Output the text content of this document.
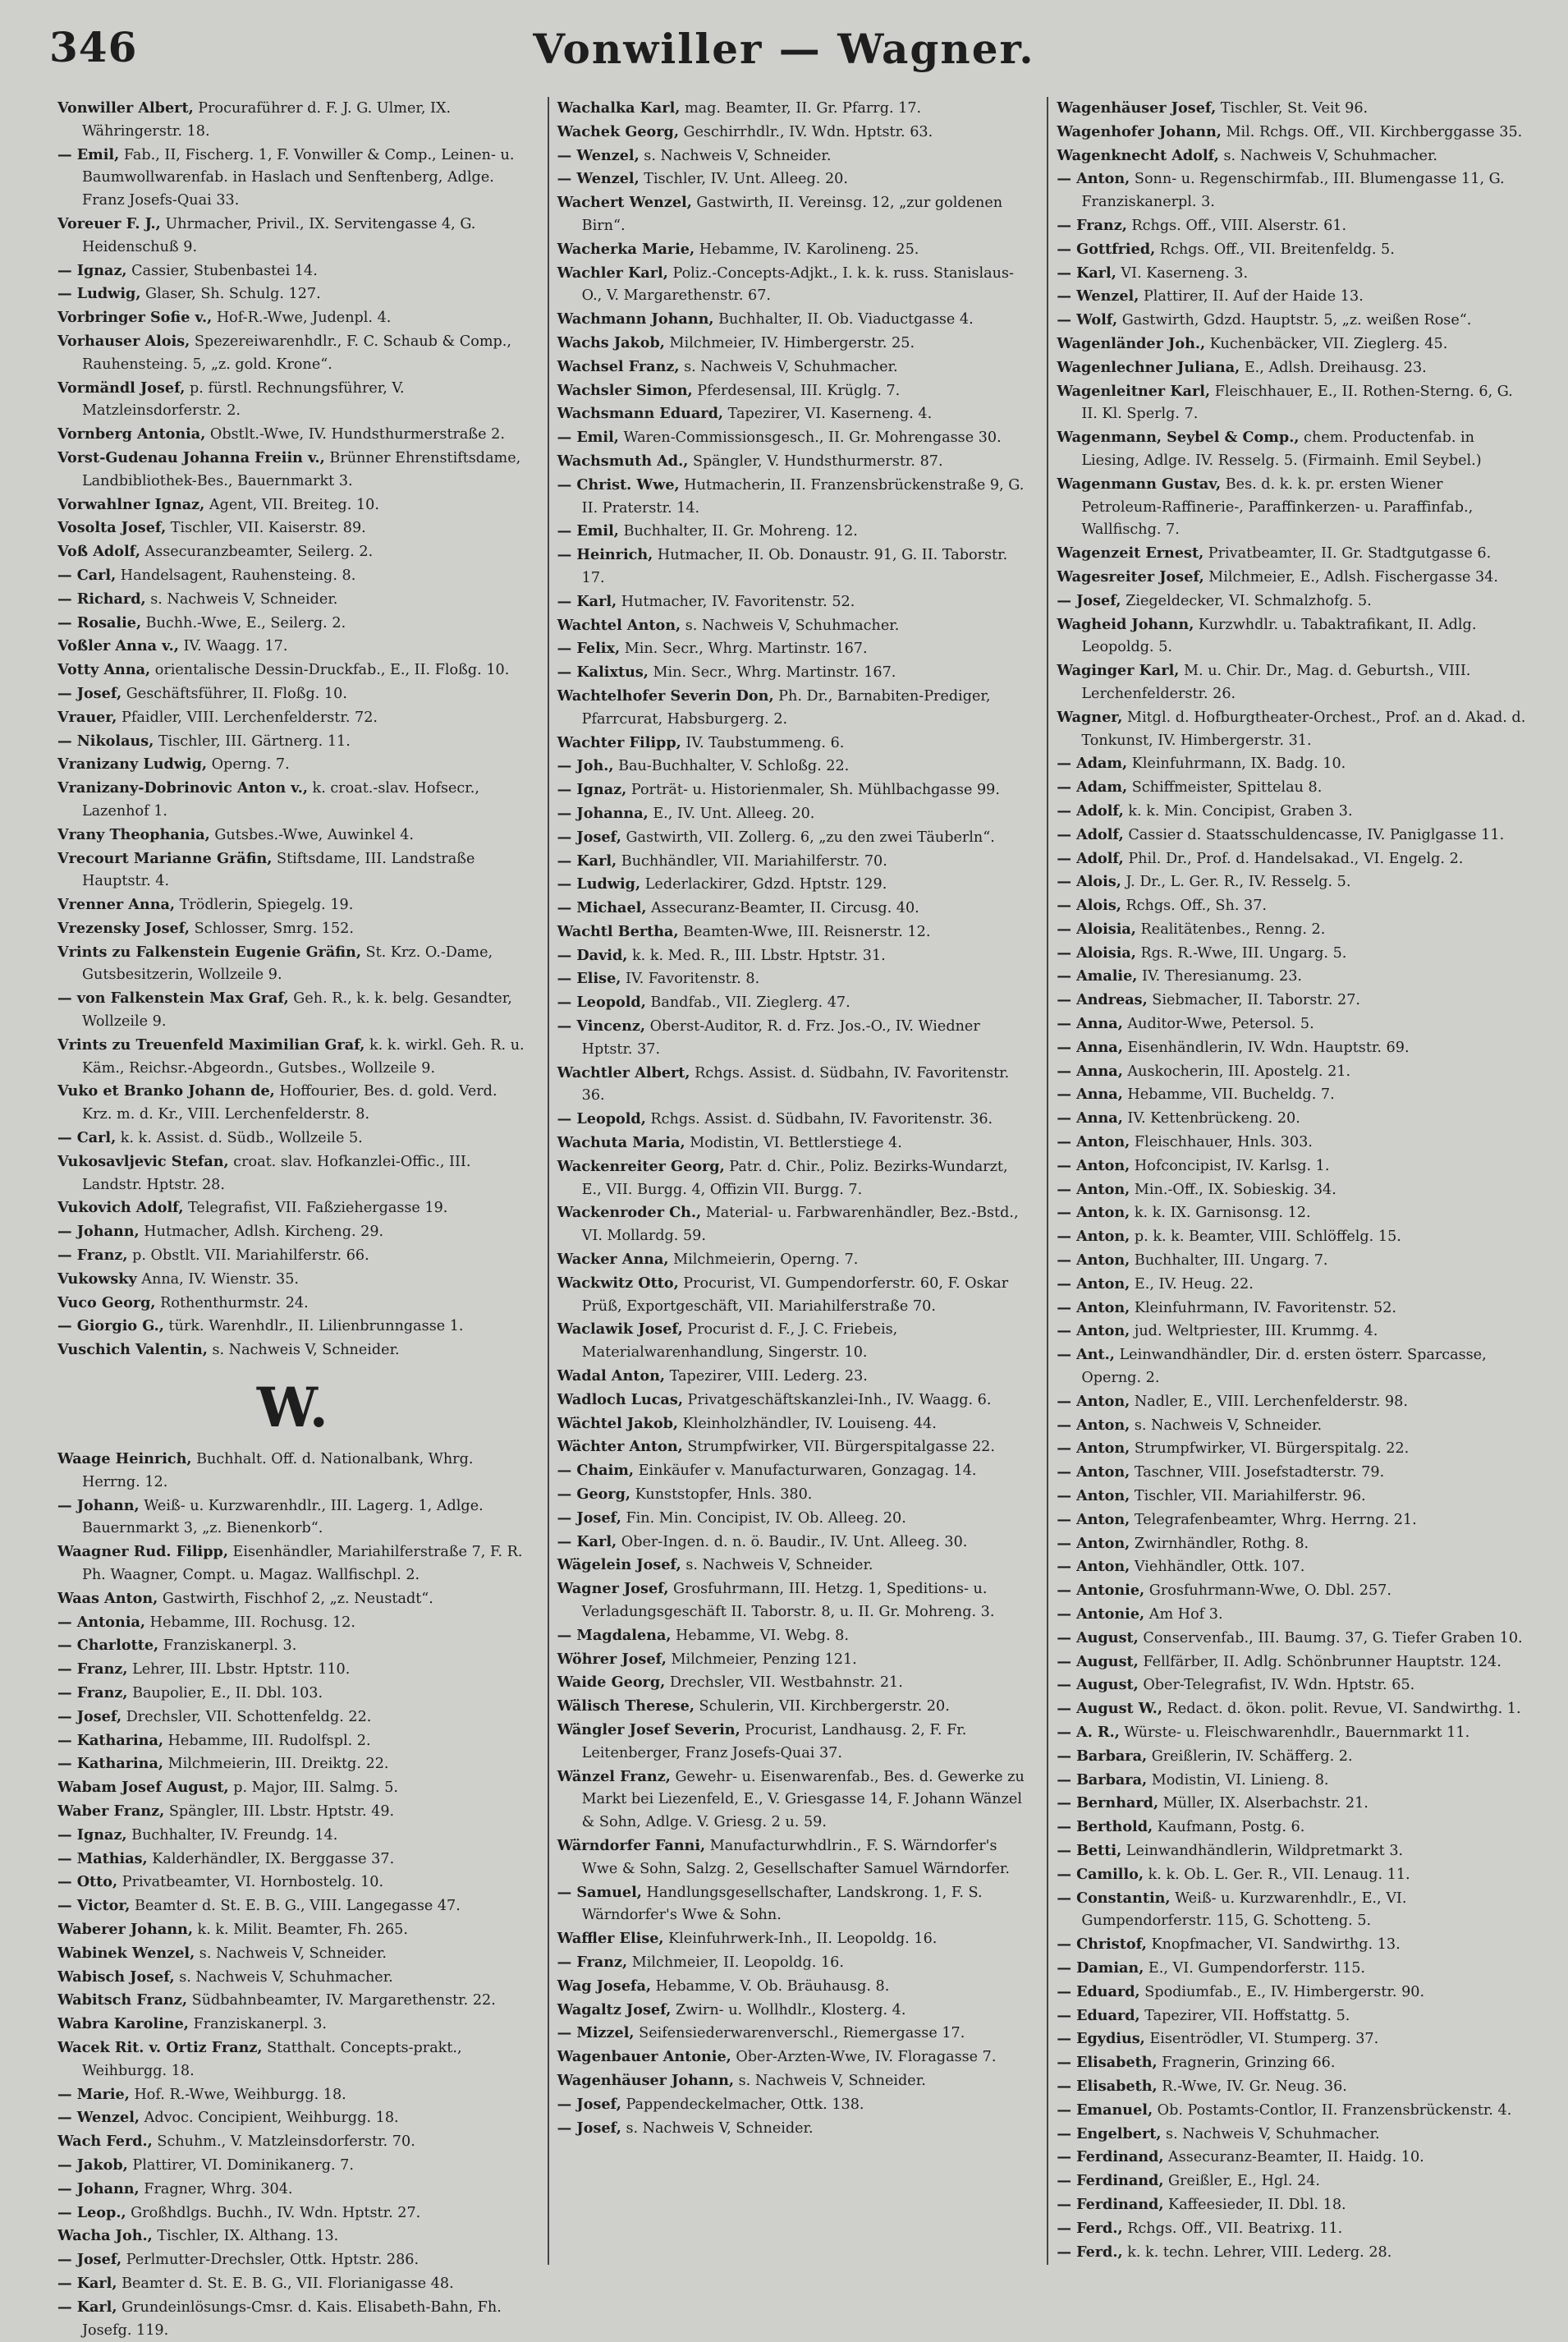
346	Vonwiller — Wagner.

Vonwiller Albert, Procuraführer d. F. J. G. Ulmer, IX. Währingerstr. 18.

— Emil, Fab., II, Fischerg. 1, F. Vonwiller & Comp., Leinen- u. Baumwollwarenfab. in Haslach und Senftenberg, Adlge. Franz Josefs-Quai 33.

Voreuer F. J., Uhrmacher, Privil., IX. Servitengasse 4, G. Heidenschuß 9.

— Ignaz, Cassier, Stubenbastei 14.

— Ludwig, Glaser, Sh. Schulg. 127.

Vorbringer Sofie v., Hof-R.-Wwe, Judenpl. 4.

Vorhauser Alois, Spezereiwarenhdlr., F. C. Schaub & Comp., Rauhensteing. 5, „z. gold. Krone“.

Vormändl Josef, p. fürstl. Rechnungsführer, V. Matzleinsdorferstr. 2.

Vornberg Antonia, Obstlt.-Wwe, IV. Hundsthurmerstraße 2.

Vorst-Gudenau Johanna Freiin v., Brünner Ehrenstiftsdame, Landbibliothek-Bes., Bauernmarkt 3.

Vorwahlner Ignaz, Agent, VII. Breiteg. 10.

Vosolta Josef, Tischler, VII. Kaiserstr. 89.

Voß Adolf, Assecuranzbeamter, Seilerg. 2.

— Carl, Handelsagent, Rauhensteing. 8.

— Richard, s. Nachweis V, Schneider.

— Rosalie, Buchh.-Wwe, E., Seilerg. 2.

Voßler Anna v., IV. Waagg. 17.

Votty Anna, orientalische Dessin-Druckfab., E., II. Floßg. 10.

— Josef, Geschäftsführer, II. Floßg. 10.

Vrauer, Pfaidler, VIII. Lerchenfelderstr. 72.

— Nikolaus, Tischler, III. Gärtnerg. 11.

Vranizany Ludwig, Operng. 7.

Vranizany-Dobrinovic Anton v., k. croat.-slav. Hofsecr., Lazenhof 1.

Vrany Theophania, Gutsbes.-Wwe, Auwinkel 4.

Vrecourt Marianne Gräfin, Stiftsdame, III. Landstraße Hauptstr. 4.

Vrenner Anna, Trödlerin, Spiegelg. 19.

Vrezensky Josef, Schlosser, Smrg. 152.

Vrints zu Falkenstein Eugenie Gräfin, St. Krz. O.-Dame, Gutsbesitzerin, Wollzeile 9.

— von Falkenstein Max Graf, Geh. R., k. k. belg. Gesandter, Wollzeile 9.

Vrints zu Treuenfeld Maximilian Graf, k. k. wirkl. Geh. R. u. Käm., Reichsr.-Abgeordn., Gutsbes., Wollzeile 9.

Vuko et Branko Johann de, Hoffourier, Bes. d. gold. Verd. Krz. m. d. Kr., VIII. Lerchenfelderstr. 8.

— Carl, k. k. Assist. d. Südb., Wollzeile 5.

Vukosavljevic Stefan, croat. slav. Hofkanzlei-Offic., III. Landstr. Hptstr. 28.

Vukovich Adolf, Telegrafist, VII. Faßziehergasse 19.

— Johann, Hutmacher, Adlsh. Kircheng. 29.

— Franz, p. Obstlt. VII. Mariahilferstr. 66.

Vukowsky Anna, IV. Wienstr. 35.

Vuco Georg, Rothenthurmstr. 24.

— Giorgio G., türk. Warenhdlr., II. Lilienbrunngasse 1.

Vuschich Valentin, s. Nachweis V, Schneider.

W.

Waage Heinrich, Buchhalt. Off. d. Nationalbank, Whrg. Herrng. 12.

— Johann, Weiß- u. Kurzwarenhdlr., III. Lagerg. 1, Adlge. Bauernmarkt 3, „z. Bienenkorb“.

Waagner Rud. Filipp, Eisenhändler, Mariahilferstraße 7, F. R. Ph. Waagner, Compt. u. Magaz. Wallfischpl. 2.

Waas Anton, Gastwirth, Fischhof 2, „z. Neustadt“.

— Antonia, Hebamme, III. Rochusg. 12.

— Charlotte, Franziskanerpl. 3.

— Franz, Lehrer, III. Lbstr. Hptstr. 110.

— Franz, Baupolier, E., II. Dbl. 103.

— Josef, Drechsler, VII. Schottenfeldg. 22.

— Katharina, Hebamme, III. Rudolfspl. 2.

— Katharina, Milchmeierin, III. Dreiktg. 22.

Wabam Josef August, p. Major, III. Salmg. 5.

Waber Franz, Spängler, III. Lbstr. Hptstr. 49.

— Ignaz, Buchhalter, IV. Freundg. 14.

— Mathias, Kalderhändler, IX. Berggasse 37.

— Otto, Privatbeamter, VI. Hornbostelg. 10.

— Victor, Beamter d. St. E. B. G., VIII. Langegasse 47.

Waberer Johann, k. k. Milit. Beamter, Fh. 265.

Wabinek Wenzel, s. Nachweis V, Schneider.

Wabisch Josef, s. Nachweis V, Schuhmacher.

Wabitsch Franz, Südbahnbeamter, IV. Margarethenstr. 22.

Wabra Karoline, Franziskanerpl. 3.

Wacek Rit. v. Ortiz Franz, Statthalt. Concepts-prakt., Weihburgg. 18.

— Marie, Hof. R.-Wwe, Weihburgg. 18.

— Wenzel, Advoc. Concipient, Weihburgg. 18.

Wach Ferd., Schuhm., V. Matzleinsdorferstr. 70.

— Jakob, Plattirer, VI. Dominikanerg. 7.

— Johann, Fragner, Whrg. 304.

— Leop., Großhdlgs. Buchh., IV. Wdn. Hptstr. 27.

Wacha Joh., Tischler, IX. Althang. 13.

— Josef, Perlmutter-Drechsler, Ottk. Hptstr. 286.

— Karl, Beamter d. St. E. B. G., VII. Florianigasse 48.

— Karl, Grundeinlösungs-Cmsr. d. Kais. Elisabeth-Bahn, Fh. Josefg. 119.

Wachalka Karl, mag. Beamter, II. Gr. Pfarrg. 17.

Wachek Georg, Geschirrhdlr., IV. Wdn. Hptstr. 63.

— Wenzel, s. Nachweis V, Schneider.

— Wenzel, Tischler, IV. Unt. Alleeg. 20.

Wachert Wenzel, Gastwirth, II. Vereinsg. 12, „zur goldenen Birn“.

Wacherka Marie, Hebamme, IV. Karolineng. 25.

Wachler Karl, Poliz.-Concepts-Adjkt., I. k. k. russ. Stanislaus-O., V. Margarethenstr. 67.

Wachmann Johann, Buchhalter, II. Ob. Viaductgasse 4.

Wachs Jakob, Milchmeier, IV. Himbergerstr. 25.

Wachsel Franz, s. Nachweis V, Schuhmacher.

Wachsler Simon, Pferdesensal, III. Krüglg. 7.

Wachsmann Eduard, Tapezirer, VI. Kaserneng. 4.

— Emil, Waren-Commissionsgesch., II. Gr. Mohrengasse 30.

Wachsmuth Ad., Spängler, V. Hundsthurmerstr. 87.

— Christ. Wwe, Hutmacherin, II. Franzensbrückenstraße 9, G. II. Praterstr. 14.

— Emil, Buchhalter, II. Gr. Mohreng. 12.

— Heinrich, Hutmacher, II. Ob. Donaustr. 91, G. II. Taborstr. 17.

— Karl, Hutmacher, IV. Favoritenstr. 52.

Wachtel Anton, s. Nachweis V, Schuhmacher.

— Felix, Min. Secr., Whrg. Martinstr. 167.

— Kalixtus, Min. Secr., Whrg. Martinstr. 167.

Wachtelhofer Severin Don, Ph. Dr., Barnabiten-Prediger, Pfarrcurat, Habsburgerg. 2.

Wachter Filipp, IV. Taubstummeng. 6.

— Joh., Bau-Buchhalter, V. Schloßg. 22.

— Ignaz, Porträt- u. Historienmaler, Sh. Mühlbachgasse 99.

— Johanna, E., IV. Unt. Alleeg. 20.

— Josef, Gastwirth, VII. Zollerg. 6, „zu den zwei Täuberln“.

— Karl, Buchhändler, VII. Mariahilferstr. 70.

— Ludwig, Lederlackirer, Gdzd. Hptstr. 129.

— Michael, Assecuranz-Beamter, II. Circusg. 40.

Wachtl Bertha, Beamten-Wwe, III. Reisnerstr. 12.

— David, k. k. Med. R., III. Lbstr. Hptstr. 31.

— Elise, IV. Favoritenstr. 8.

— Leopold, Bandfab., VII. Zieglerg. 47.

— Vincenz, Oberst-Auditor, R. d. Frz. Jos.-O., IV. Wiedner Hptstr. 37.

Wachtler Albert, Rchgs. Assist. d. Südbahn, IV. Favoritenstr. 36.

— Leopold, Rchgs. Assist. d. Südbahn, IV. Favoritenstr. 36.

Wachuta Maria, Modistin, VI. Bettlerstiege 4.

Wackenreiter Georg, Patr. d. Chir., Poliz. Bezirks-Wundarzt, E., VII. Burgg. 4, Offizin VII. Burgg. 7.

Wackenroder Ch., Material- u. Farbwarenhändler, Bez.-Bstd., VI. Mollardg. 59.

Wacker Anna, Milchmeierin, Operng. 7.

Wackwitz Otto, Procurist, VI. Gumpendorferstr. 60, F. Oskar Prüß, Exportgeschäft, VII. Mariahilferstraße 70.

Waclawik Josef, Procurist d. F., J. C. Friebeis, Materialwarenhandlung, Singerstr. 10.

Wadal Anton, Tapezirer, VIII. Lederg. 23.

Wadloch Lucas, Privatgeschäftskanzlei-Inh., IV. Waagg. 6.

Wächtel Jakob, Kleinholzhändler, IV. Louiseng. 44.

Wächter Anton, Strumpfwirker, VII. Bürgerspitalgasse 22.

— Chaim, Einkäufer v. Manufacturwaren, Gonzagag. 14.

— Georg, Kunststopfer, Hnls. 380.

— Josef, Fin. Min. Concipist, IV. Ob. Alleeg. 20.

— Karl, Ober-Ingen. d. n. ö. Baudir., IV. Unt. Alleeg. 30.

Wägelein Josef, s. Nachweis V, Schneider.

Wagner Josef, Grosfuhrmann, III. Hetzg. 1, Speditions- u. Verladungsgeschäft II. Taborstr. 8, u. II. Gr. Mohreng. 3.

— Magdalena, Hebamme, VI. Webg. 8.

Wöhrer Josef, Milchmeier, Penzing 121.

Waide Georg, Drechsler, VII. Westbahnstr. 21.

Wälisch Therese, Schulerin, VII. Kirchbergerstr. 20.

Wängler Josef Severin, Procurist, Landhausg. 2, F. Fr. Leitenberger, Franz Josefs-Quai 37.

Wänzel Franz, Gewehr- u. Eisenwarenfab., Bes. d. Gewerke zu Markt bei Liezenfeld, E., V. Griesgasse 14, F. Johann Wänzel & Sohn, Adlge. V. Griesg. 2 u. 59.

Wärndorfer Fanni, Manufacturwhdlrin., F. S. Wärndorfer's Wwe & Sohn, Salzg. 2, Gesellschafter Samuel Wärndorfer.

— Samuel, Handlungsgesellschafter, Landskrong. 1, F. S. Wärndorfer's Wwe & Sohn.

Waffler Elise, Kleinfuhrwerk-Inh., II. Leopoldg. 16.

— Franz, Milchmeier, II. Leopoldg. 16.

Wag Josefa, Hebamme, V. Ob. Bräuhausg. 8.

Wagaltz Josef, Zwirn- u. Wollhdlr., Klosterg. 4.

— Mizzel, Seifensiederwarenverschl., Riemergasse 17.

Wagenbauer Antonie, Ober-Arzten-Wwe, IV. Floragasse 7.

Wagenhäuser Johann, s. Nachweis V, Schneider.

— Josef, Pappendeckelmacher, Ottk. 138.

— Josef, s. Nachweis V, Schneider.

Wagenhäuser Josef, Tischler, St. Veit 96.

Wagenhofer Johann, Mil. Rchgs. Off., VII. Kirchberggasse 35.

Wagenknecht Adolf, s. Nachweis V, Schuhmacher.

— Anton, Sonn- u. Regenschirmfab., III. Blumengasse 11, G. Franziskanerpl. 3.

— Franz, Rchgs. Off., VIII. Alserstr. 61.

— Gottfried, Rchgs. Off., VII. Breitenfeldg. 5.

— Karl, VI. Kaserneng. 3.

— Wenzel, Plattirer, II. Auf der Haide 13.

— Wolf, Gastwirth, Gdzd. Hauptstr. 5, „z. weißen Rose“.

Wagenländer Joh., Kuchenbäcker, VII. Zieglerg. 45.

Wagenlechner Juliana, E., Adlsh. Dreihausg. 23.

Wagenleitner Karl, Fleischhauer, E., II. Rothen-Sterng. 6, G. II. Kl. Sperlg. 7.

Wagenmann, Seybel & Comp., chem. Productenfab. in Liesing, Adlge. IV. Resselg. 5. (Firmainh. Emil Seybel.)

Wagenmann Gustav, Bes. d. k. k. pr. ersten Wiener Petroleum-Raffinerie-, Paraffinkerzen- u. Paraffinfab., Wallfischg. 7.

Wagenzeit Ernest, Privatbeamter, II. Gr. Stadtgutgasse 6.

Wagesreiter Josef, Milchmeier, E., Adlsh. Fischergasse 34.

— Josef, Ziegeldecker, VI. Schmalzhofg. 5.

Wagheid Johann, Kurzwhdlr. u. Tabaktrafikant, II. Adlg. Leopoldg. 5.

Waginger Karl, M. u. Chir. Dr., Mag. d. Geburtsh., VIII. Lerchenfelderstr. 26.

Wagner, Mitgl. d. Hofburgtheater-Orchest., Prof. an d. Akad. d. Tonkunst, IV. Himbergerstr. 31.

— Adam, Kleinfuhrmann, IX. Badg. 10.

— Adam, Schiffmeister, Spittelau 8.

— Adolf, k. k. Min. Concipist, Graben 3.

— Adolf, Cassier d. Staatsschuldencasse, IV. Paniglgasse 11.

— Adolf, Phil. Dr., Prof. d. Handelsakad., VI. Engelg. 2.

— Alois, J. Dr., L. Ger. R., IV. Resselg. 5.

— Alois, Rchgs. Off., Sh. 37.

— Aloisia, Realitätenbes., Renng. 2.

— Aloisia, Rgs. R.-Wwe, III. Ungarg. 5.

— Amalie, IV. Theresianumg. 23.

— Andreas, Siebmacher, II. Taborstr. 27.

— Anna, Auditor-Wwe, Petersol. 5.

— Anna, Eisenhändlerin, IV. Wdn. Hauptstr. 69.

— Anna, Auskocherin, III. Apostelg. 21.

— Anna, Hebamme, VII. Bucheldg. 7.

— Anna, IV. Kettenbrückeng. 20.

— Anton, Fleischhauer, Hnls. 303.

— Anton, Hofconcipist, IV. Karlsg. 1.

— Anton, Min.-Off., IX. Sobieskig. 34.

— Anton, k. k. IX. Garnisonsg. 12.

— Anton, p. k. k. Beamter, VIII. Schlöffelg. 15.

— Anton, Buchhalter, III. Ungarg. 7.

— Anton, E., IV. Heug. 22.

— Anton, Kleinfuhrmann, IV. Favoritenstr. 52.

— Anton, jud. Weltpriester, III. Krummg. 4.

— Ant., Leinwandhändler, Dir. d. ersten österr. Sparcasse, Operng. 2.

— Anton, Nadler, E., VIII. Lerchenfelderstr. 98.

— Anton, s. Nachweis V, Schneider.

— Anton, Strumpfwirker, VI. Bürgerspitalg. 22.

— Anton, Taschner, VIII. Josefstadterstr. 79.

— Anton, Tischler, VII. Mariahilferstr. 96.

— Anton, Telegrafenbeamter, Whrg. Herrng. 21.

— Anton, Zwirnhändler, Rothg. 8.

— Anton, Viehhändler, Ottk. 107.

— Antonie, Grosfuhrmann-Wwe, O. Dbl. 257.

— Antonie, Am Hof 3.

— August, Conservenfab., III. Baumg. 37, G. Tiefer Graben 10.

— August, Fellfärber, II. Adlg. Schönbrunner Hauptstr. 124.

— August, Ober-Telegrafist, IV. Wdn. Hptstr. 65.

— August W., Redact. d. ökon. polit. Revue, VI. Sandwirthg. 1.

— A. R., Würste- u. Fleischwarenhdlr., Bauernmarkt 11.

— Barbara, Greißlerin, IV. Schäfferg. 2.

— Barbara, Modistin, VI. Linieng. 8.

— Bernhard, Müller, IX. Alserbachstr. 21.

— Berthold, Kaufmann, Postg. 6.

— Betti, Leinwandhändlerin, Wildpretmarkt 3.

— Camillo, k. k. Ob. L. Ger. R., VII. Lenaug. 11.

— Constantin, Weiß- u. Kurzwarenhdlr., E., VI. Gumpendorferstr. 115, G. Schotteng. 5.

— Christof, Knopfmacher, VI. Sandwirthg. 13.

— Damian, E., VI. Gumpendorferstr. 115.

— Eduard, Spodiumfab., E., IV. Himbergerstr. 90.

— Eduard, Tapezirer, VII. Hoffstattg. 5.

— Egydius, Eisentrödler, VI. Stumperg. 37.

— Elisabeth, Fragnerin, Grinzing 66.

— Elisabeth, R.-Wwe, IV. Gr. Neug. 36.

— Emanuel, Ob. Postamts-Contlor, II. Franzensbrückenstr. 4.

— Engelbert, s. Nachweis V, Schuhmacher.

— Ferdinand, Assecuranz-Beamter, II. Haidg. 10.

— Ferdinand, Greißler, E., Hgl. 24.

— Ferdinand, Kaffeesieder, II. Dbl. 18.

— Ferd., Rchgs. Off., VII. Beatrixg. 11.

— Ferd., k. k. techn. Lehrer, VIII. Lederg. 28.
